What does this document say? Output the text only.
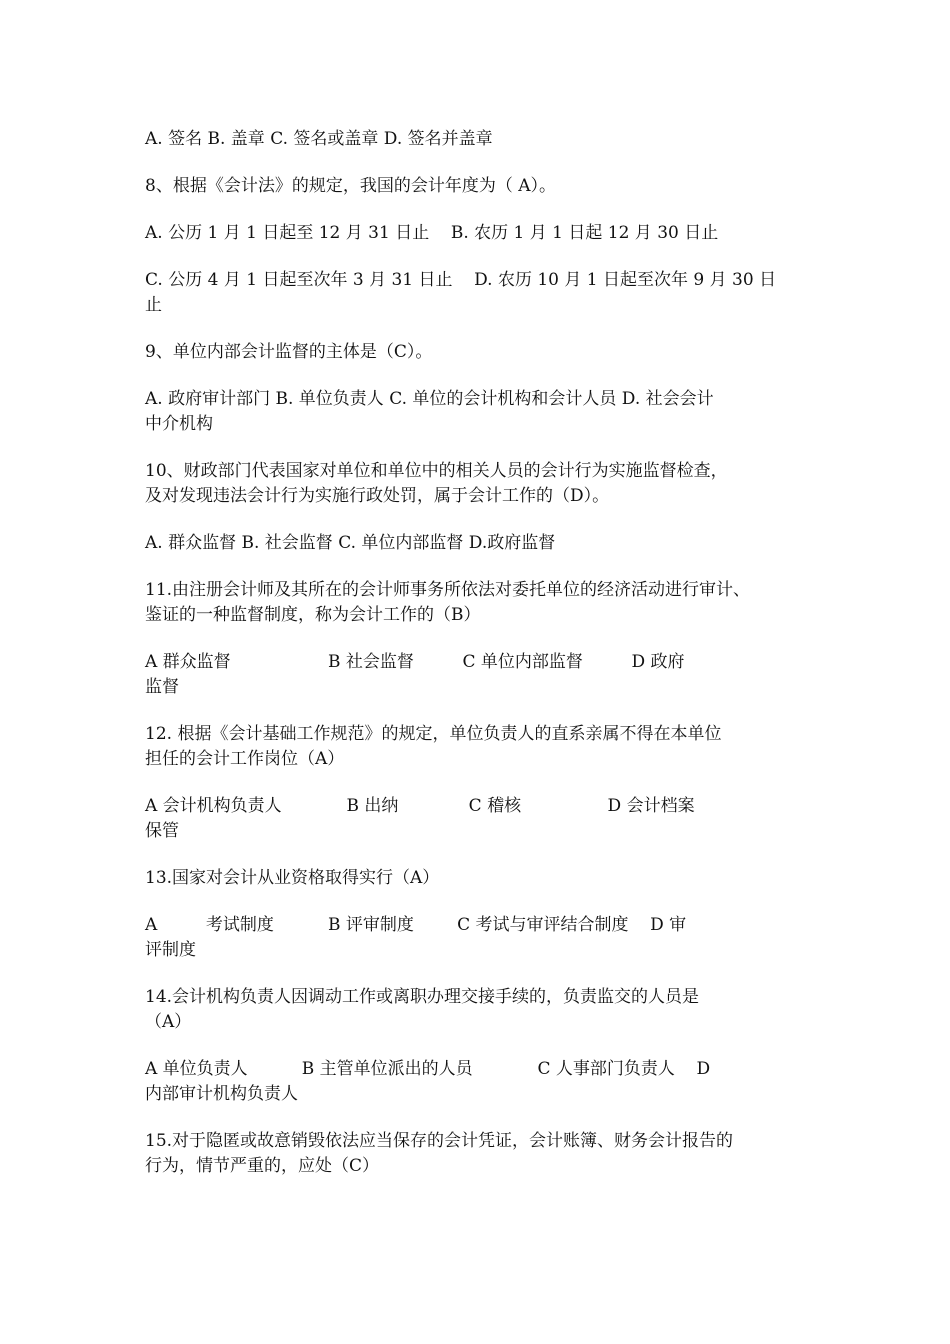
A. 签名 B. 盖章 C. 签名或盖章 D. 签名并盖章
8、根据《会计法》的规定，我国的会计年度为（ A）。
A. 公历 1 月 1 日起至 12 月 31 日止    B. 农历 1 月 1 日起 12 月 30 日止
C. 公历 4 月 1 日起至次年 3 月 31 日止    D. 农历 10 月 1 日起至次年 9 月 30 日
止
9、单位内部会计监督的主体是（C）。
A. 政府审计部门 B. 单位负责人 C. 单位的会计机构和会计人员 D. 社会会计
中介机构
10、财政部门代表国家对单位和单位中的相关人员的会计行为实施监督检查，
及对发现违法会计行为实施行政处罚，属于会计工作的（D）。
A. 群众监督 B. 社会监督 C. 单位内部监督 D.政府监督
11.由注册会计师及其所在的会计师事务所依法对委托单位的经济活动进行审计、
鉴证的一种监督制度，称为会计工作的（B）
A 群众监督                  B 社会监督         C 单位内部监督         D 政府
监督
12. 根据《会计基础工作规范》的规定，单位负责人的直系亲属不得在本单位
担任的会计工作岗位（A）
A 会计机构负责人            B 出纳             C 稽核                D 会计档案
保管
13.国家对会计从业资格取得实行（A）
A         考试制度          B 评审制度        C 考试与审评结合制度    D 审
评制度
14.会计机构负责人因调动工作或离职办理交接手续的，负责监交的人员是
（A）
A 单位负责人          B 主管单位派出的人员            C 人事部门负责人    D
内部审计机构负责人
15.对于隐匿或故意销毁依法应当保存的会计凭证，会计账簿、财务会计报告的
行为，情节严重的，应处（C）
